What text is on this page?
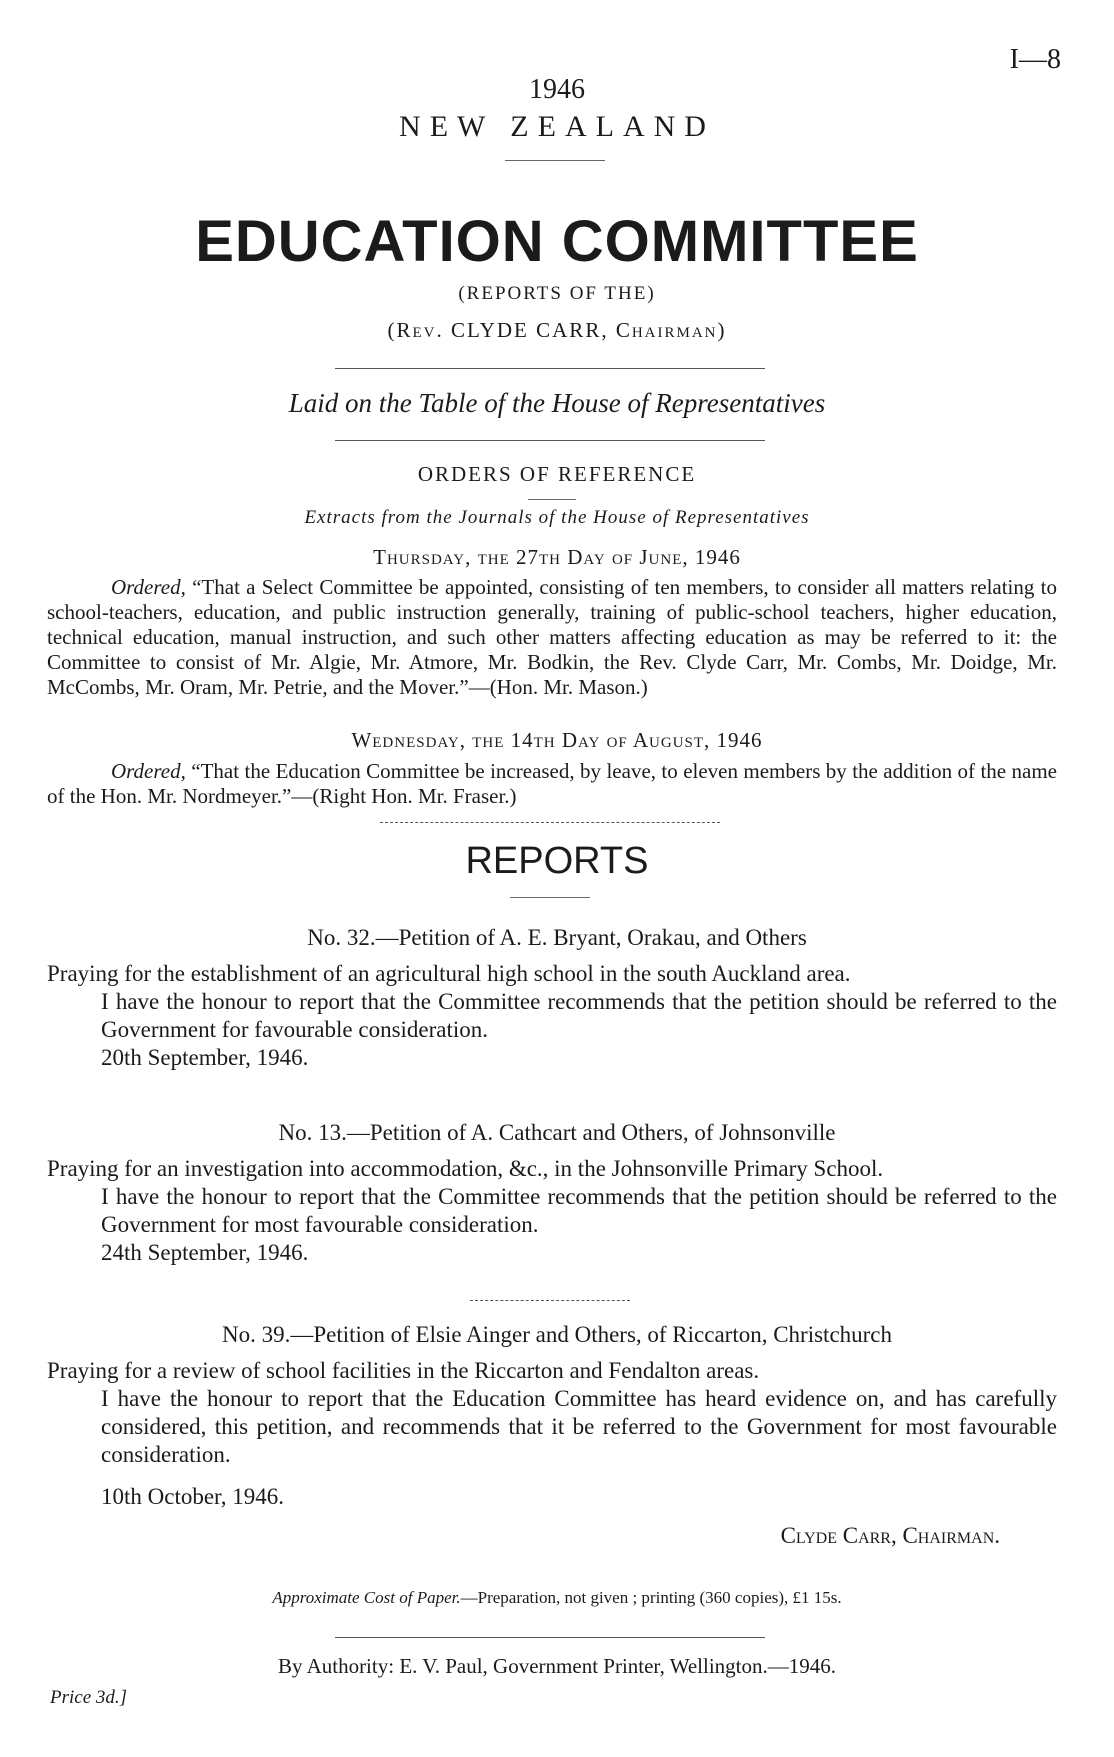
I—8
1946
NEW ZEALAND
EDUCATION COMMITTEE
(REPORTS OF THE)
(Rev. CLYDE CARR, Chairman)
Laid on the Table of the House of Representatives
ORDERS OF REFERENCE
Extracts from the Journals of the House of Representatives
Thursday, the 27th Day of June, 1946
Ordered, “That a Select Committee be appointed, consisting of ten members, to consider all matters relating to school-teachers, education, and public instruction generally, training of public-school teachers, higher education, technical education, manual instruction, and such other matters affecting education as may be referred to it: the Committee to consist of Mr. Algie, Mr. Atmore, Mr. Bodkin, the Rev. Clyde Carr, Mr. Combs, Mr. Doidge, Mr. McCombs, Mr. Oram, Mr. Petrie, and the Mover.”—(Hon. Mr. Mason.)
Wednesday, the 14th Day of August, 1946
Ordered, “That the Education Committee be increased, by leave, to eleven members by the addition of the name of the Hon. Mr. Nordmeyer.”—(Right Hon. Mr. Fraser.)
REPORTS
No. 32.—Petition of A. E. Bryant, Orakau, and Others
Praying for the establishment of an agricultural high school in the south Auckland area.
I have the honour to report that the Committee recommends that the petition should be referred to the Government for favourable consideration.
20th September, 1946.
No. 13.—Petition of A. Cathcart and Others, of Johnsonville
Praying for an investigation into accommodation, &c., in the Johnsonville Primary School.
I have the honour to report that the Committee recommends that the petition should be referred to the Government for most favourable consideration.
24th September, 1946.
No. 39.—Petition of Elsie Ainger and Others, of Riccarton, Christchurch
Praying for a review of school facilities in the Riccarton and Fendalton areas.
I have the honour to report that the Education Committee has heard evidence on, and has carefully considered, this petition, and recommends that it be referred to the Government for most favourable consideration.
10th October, 1946.
Clyde Carr, Chairman.
Approximate Cost of Paper.—Preparation, not given ; printing (360 copies), £1 15s.
By Authority: E. V. Paul, Government Printer, Wellington.—1946.
Price 3d.]
